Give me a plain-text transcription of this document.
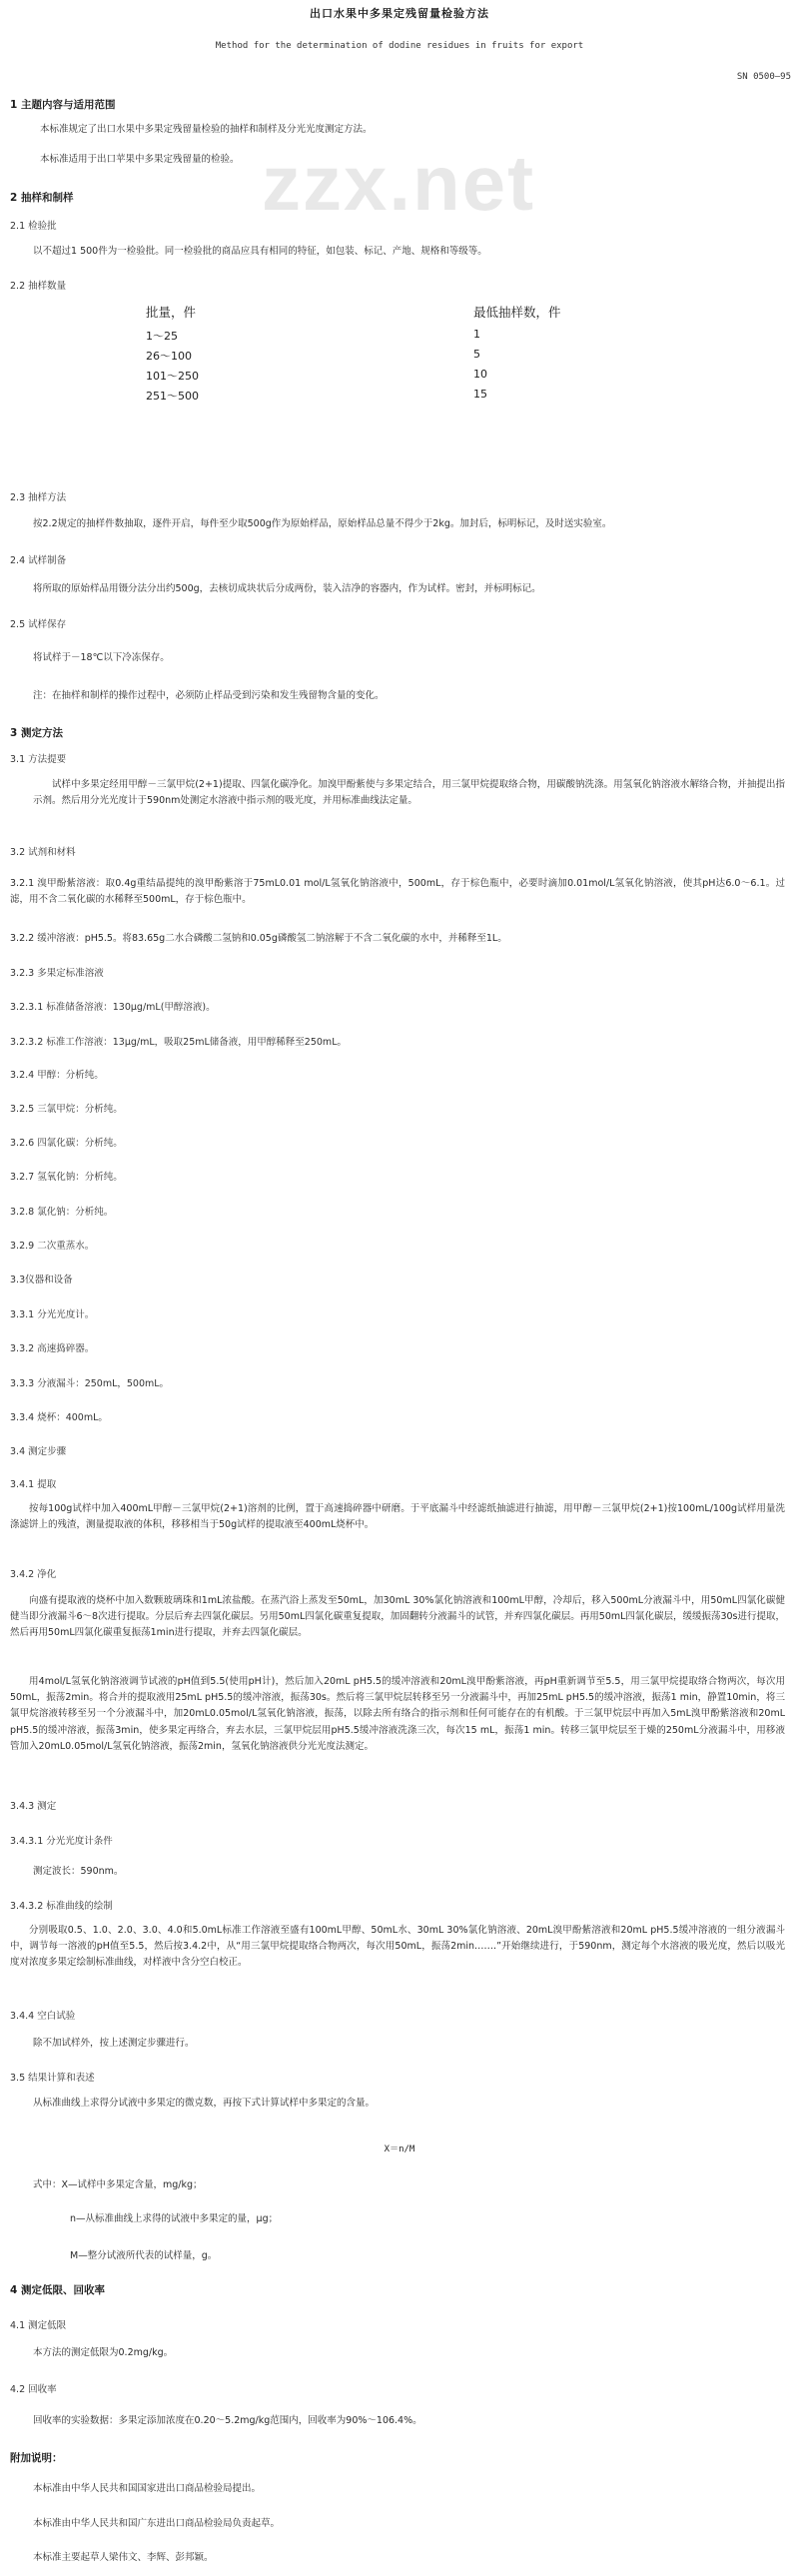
出口水果中多果定残留量检验方法
Method for the determination of dodine residues in fruits for export
SN 0500—95
zzx.net
1 主题内容与适用范围
本标准规定了出口水果中多果定残留量检验的抽样和制样及分光光度测定方法。
本标准适用于出口苹果中多果定残留量的检验。
2 抽样和制样
2.1 检验批
以不超过1 500件为一检验批。同一检验批的商品应具有相同的特征，如包装、标记、产地、规格和等级等。
2.2 抽样数量
批量，件	最低抽样数，件
1～25	1
26～100	5
101～250	10
251～500	15
2.3 抽样方法
按2.2规定的抽样件数抽取，逐件开启，每件至少取500g作为原始样品，原始样品总量不得少于2kg。加封后，标明标记，及时送实验室。
2.4 试样制备
将所取的原始样品用镊分法分出约500g，去核切成块状后分成两份，装入洁净的容器内，作为试样。密封，并标明标记。
2.5 试样保存
将试样于－18℃以下冷冻保存。
注：在抽样和制样的操作过程中，必须防止样品受到污染和发生残留物含量的变化。
3 测定方法
3.1 方法提要
试样中多果定经用甲醇－三氯甲烷(2+1)提取、四氯化碳净化。加溴甲酚紫使与多果定结合，用三氯甲烷提取络合物，用碳酸钠洗涤。用氢氧化钠溶液水解络合物，并抽提出指示剂。然后用分光光度计于590nm处测定水溶液中指示剂的吸光度，并用标准曲线法定量。
3.2 试剂和材料
3.2.1 溴甲酚紫溶液：取0.4g重结晶提纯的溴甲酚紫溶于75mL0.01 mol/L氢氧化钠溶液中，500mL，存于棕色瓶中，必要时滴加0.01mol/L氢氧化钠溶液，使其pH达6.0～6.1。过滤，用不含二氧化碳的水稀释至500mL，存于棕色瓶中。
3.2.2 缓冲溶液：pH5.5。将83.65g二水合磷酸二氢钠和0.05g磷酸氢二钠溶解于不含二氧化碳的水中，并稀释至1L。
3.2.3 多果定标准溶液
3.2.3.1 标准储备溶液：130μg/mL(甲醇溶液)。
3.2.3.2 标准工作溶液：13μg/mL，吸取25mL储备液，用甲醇稀释至250mL。
3.2.4 甲醇：分析纯。
3.2.5 三氯甲烷：分析纯。
3.2.6 四氯化碳：分析纯。
3.2.7 氢氧化钠：分析纯。
3.2.8 氯化钠：分析纯。
3.2.9 二次重蒸水。
3.3仪器和设备
3.3.1 分光光度计。
3.3.2 高速捣碎器。
3.3.3 分液漏斗：250mL，500mL。
3.3.4 烧杯：400mL。
3.4 测定步骤
3.4.1 提取
按每100g试样中加入400mL甲醇－三氯甲烷(2+1)溶剂的比例，置于高速捣碎器中研磨。于平底漏斗中经滤纸抽滤进行抽滤，用甲醇－三氯甲烷(2+1)按100mL/100g试样用量洗涤滤饼上的残渣，测量提取液的体积，移移相当于50g试样的提取液至400mL烧杯中。
3.4.2 净化
向盛有提取液的烧杯中加入数颗玻璃珠和1mL浓盐酸。在蒸汽浴上蒸发至50mL，加30mL 30%氯化钠溶液和100mL甲醇，冷却后，移入500mL分液漏斗中，用50mL四氯化碳健健当即分液漏斗6～8次进行提取。分层后弃去四氯化碳层。另用50mL四氯化碳重复提取，加固翻转分液漏斗的试管，并弃四氯化碳层。再用50mL四氯化碳层，缓缓振荡30s进行提取，然后再用50mL四氯化碳重复振荡1min进行提取，并弃去四氯化碳层。
用4mol/L氢氧化钠溶液调节试液的pH值到5.5(使用pH计)，然后加入20mL pH5.5的缓冲溶液和20mL溴甲酚紫溶液，再pH重新调节至5.5，用三氯甲烷提取络合物两次，每次用50mL，振荡2min。将合并的提取液用25mL pH5.5的缓冲溶液，振荡30s。然后将三氯甲烷层转移至另一分液漏斗中，再加25mL pH5.5的缓冲溶液，振荡1 min，静置10min，将三氯甲烷溶液转移至另一个分液漏斗中，加20mL0.05mol/L氢氧化钠溶液，振荡，以除去所有络合的指示剂和任何可能存在的有机酸。于三氯甲烷层中再加入5mL溴甲酚紫溶液和20mL pH5.5的缓冲溶液，振荡3min，使多果定再络合，弃去水层，三氯甲烷层用pH5.5缓冲溶液洗涤三次，每次15 mL，振荡1 min。转移三氯甲烷层至于燥的250mL分液漏斗中，用移液管加入20mL0.05mol/L氢氧化钠溶液，振荡2min，氢氧化钠溶液供分光光度法测定。
3.4.3 测定
3.4.3.1 分光光度计条件
测定波长：590nm。
3.4.3.2 标准曲线的绘制
分别吸取0.5、1.0、2.0、3.0、4.0和5.0mL标准工作溶液至盛有100mL甲醇、50mL水、30mL 30%氯化钠溶液、20mL溴甲酚紫溶液和20mL pH5.5缓冲溶液的一组分液漏斗中，调节每一溶液的pH值至5.5，然后按3.4.2中，从“用三氯甲烷提取络合物两次，每次用50mL，振荡2min.……”开始继续进行，于590nm，测定每个水溶液的吸光度，然后以吸光度对浓度多果定绘制标准曲线，对样液中含分空白校正。
3.4.4 空白试验
除不加试样外，按上述测定步骤进行。
3.5 结果计算和表述
从标准曲线上求得分试液中多果定的微克数，再按下式计算试样中多果定的含量。
X＝n/M
式中：X—试样中多果定含量，mg/kg；
n—从标准曲线上求得的试液中多果定的量，μg；
M—整分试液所代表的试样量，g。
4 测定低限、回收率
4.1 测定低限
本方法的测定低限为0.2mg/kg。
4.2 回收率
回收率的实验数据：多果定添加浓度在0.20～5.2mg/kg范围内，回收率为90%～106.4%。
附加说明：
本标准由中华人民共和国国家进出口商品检验局提出。
本标准由中华人民共和国广东进出口商品检验局负责起草。
本标准主要起草人梁伟文、李辉、彭邦颖。
